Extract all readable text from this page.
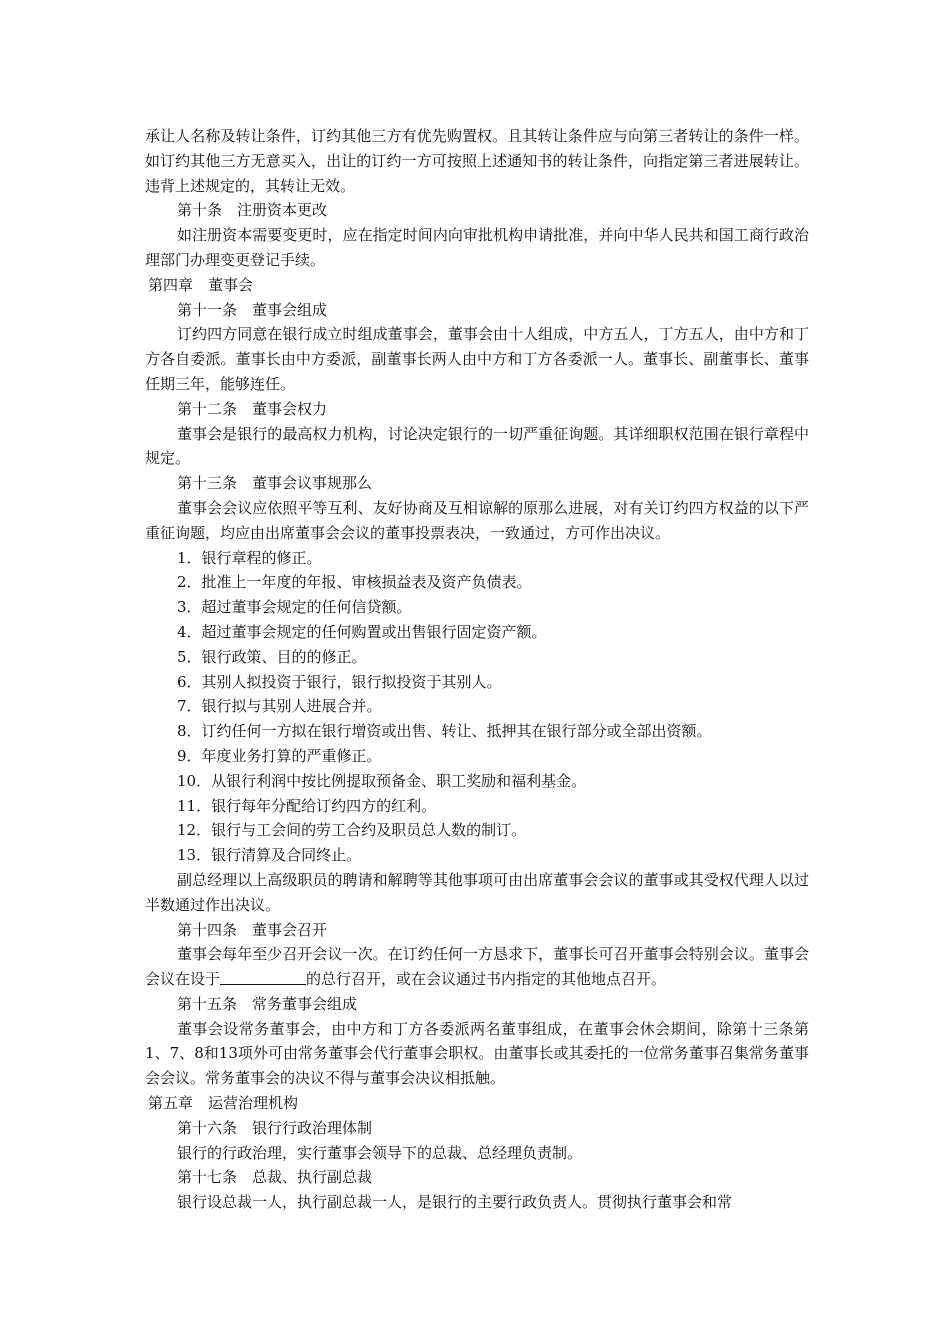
承让人名称及转让条件，订约其他三方有优先购置权。且其转让条件应与向第三者转让的条件一样。如订约其他三方无意买入，出让的订约一方可按照上述通知书的转让条件，向指定第三者进展转让。违背上述规定的，其转让无效。

第十条　注册资本更改

如注册资本需要变更时，应在指定时间内向审批机构申请批准，并向中华人民共和国工商行政治理部门办理变更登记手续。

第四章　董事会

第十一条　董事会组成

订约四方同意在银行成立时组成董事会，董事会由十人组成，中方五人，丁方五人，由中方和丁方各自委派。董事长由中方委派，副董事长两人由中方和丁方各委派一人。董事长、副董事长、董事任期三年，能够连任。

第十二条　董事会权力

董事会是银行的最高权力机构，讨论决定银行的一切严重征询题。其详细职权范围在银行章程中规定。

第十三条　董事会议事规那么

董事会会议应依照平等互利、友好协商及互相谅解的原那么进展，对有关订约四方权益的以下严重征询题，均应由出席董事会会议的董事投票表决，一致通过，方可作出决议。

1．银行章程的修正。

2．批准上一年度的年报、审核损益表及资产负债表。

3．超过董事会规定的任何信贷额。

4．超过董事会规定的任何购置或出售银行固定资产额。

5．银行政策、目的的修正。

6．其别人拟投资于银行，银行拟投资于其别人。

7．银行拟与其别人进展合并。

8．订约任何一方拟在银行增资或出售、转让、抵押其在银行部分或全部出资额。

9．年度业务打算的严重修正。

10．从银行利润中按比例提取预备金、职工奖励和福利基金。

11．银行每年分配给订约四方的红利。

12．银行与工会间的劳工合约及职员总人数的制订。

13．银行清算及合同终止。

副总经理以上高级职员的聘请和解聘等其他事项可由出席董事会会议的董事或其受权代理人以过半数通过作出决议。

第十四条　董事会召开

董事会每年至少召开会议一次。在订约任何一方恳求下，董事长可召开董事会特别会议。董事会会议在设于	的总行召开，或在会议通过书内指定的其他地点召开。

第十五条　常务董事会组成

董事会设常务董事会，由中方和丁方各委派两名董事组成，在董事会休会期间，除第十三条第1、7、8和13项外可由常务董事会代行董事会职权。由董事长或其委托的一位常务董事召集常务董事会会议。常务董事会的决议不得与董事会决议相抵触。

第五章　运营治理机构

第十六条　银行行政治理体制

银行的行政治理，实行董事会领导下的总裁、总经理负责制。

第十七条　总裁、执行副总裁

银行设总裁一人，执行副总裁一人，是银行的主要行政负责人。贯彻执行董事会和常
